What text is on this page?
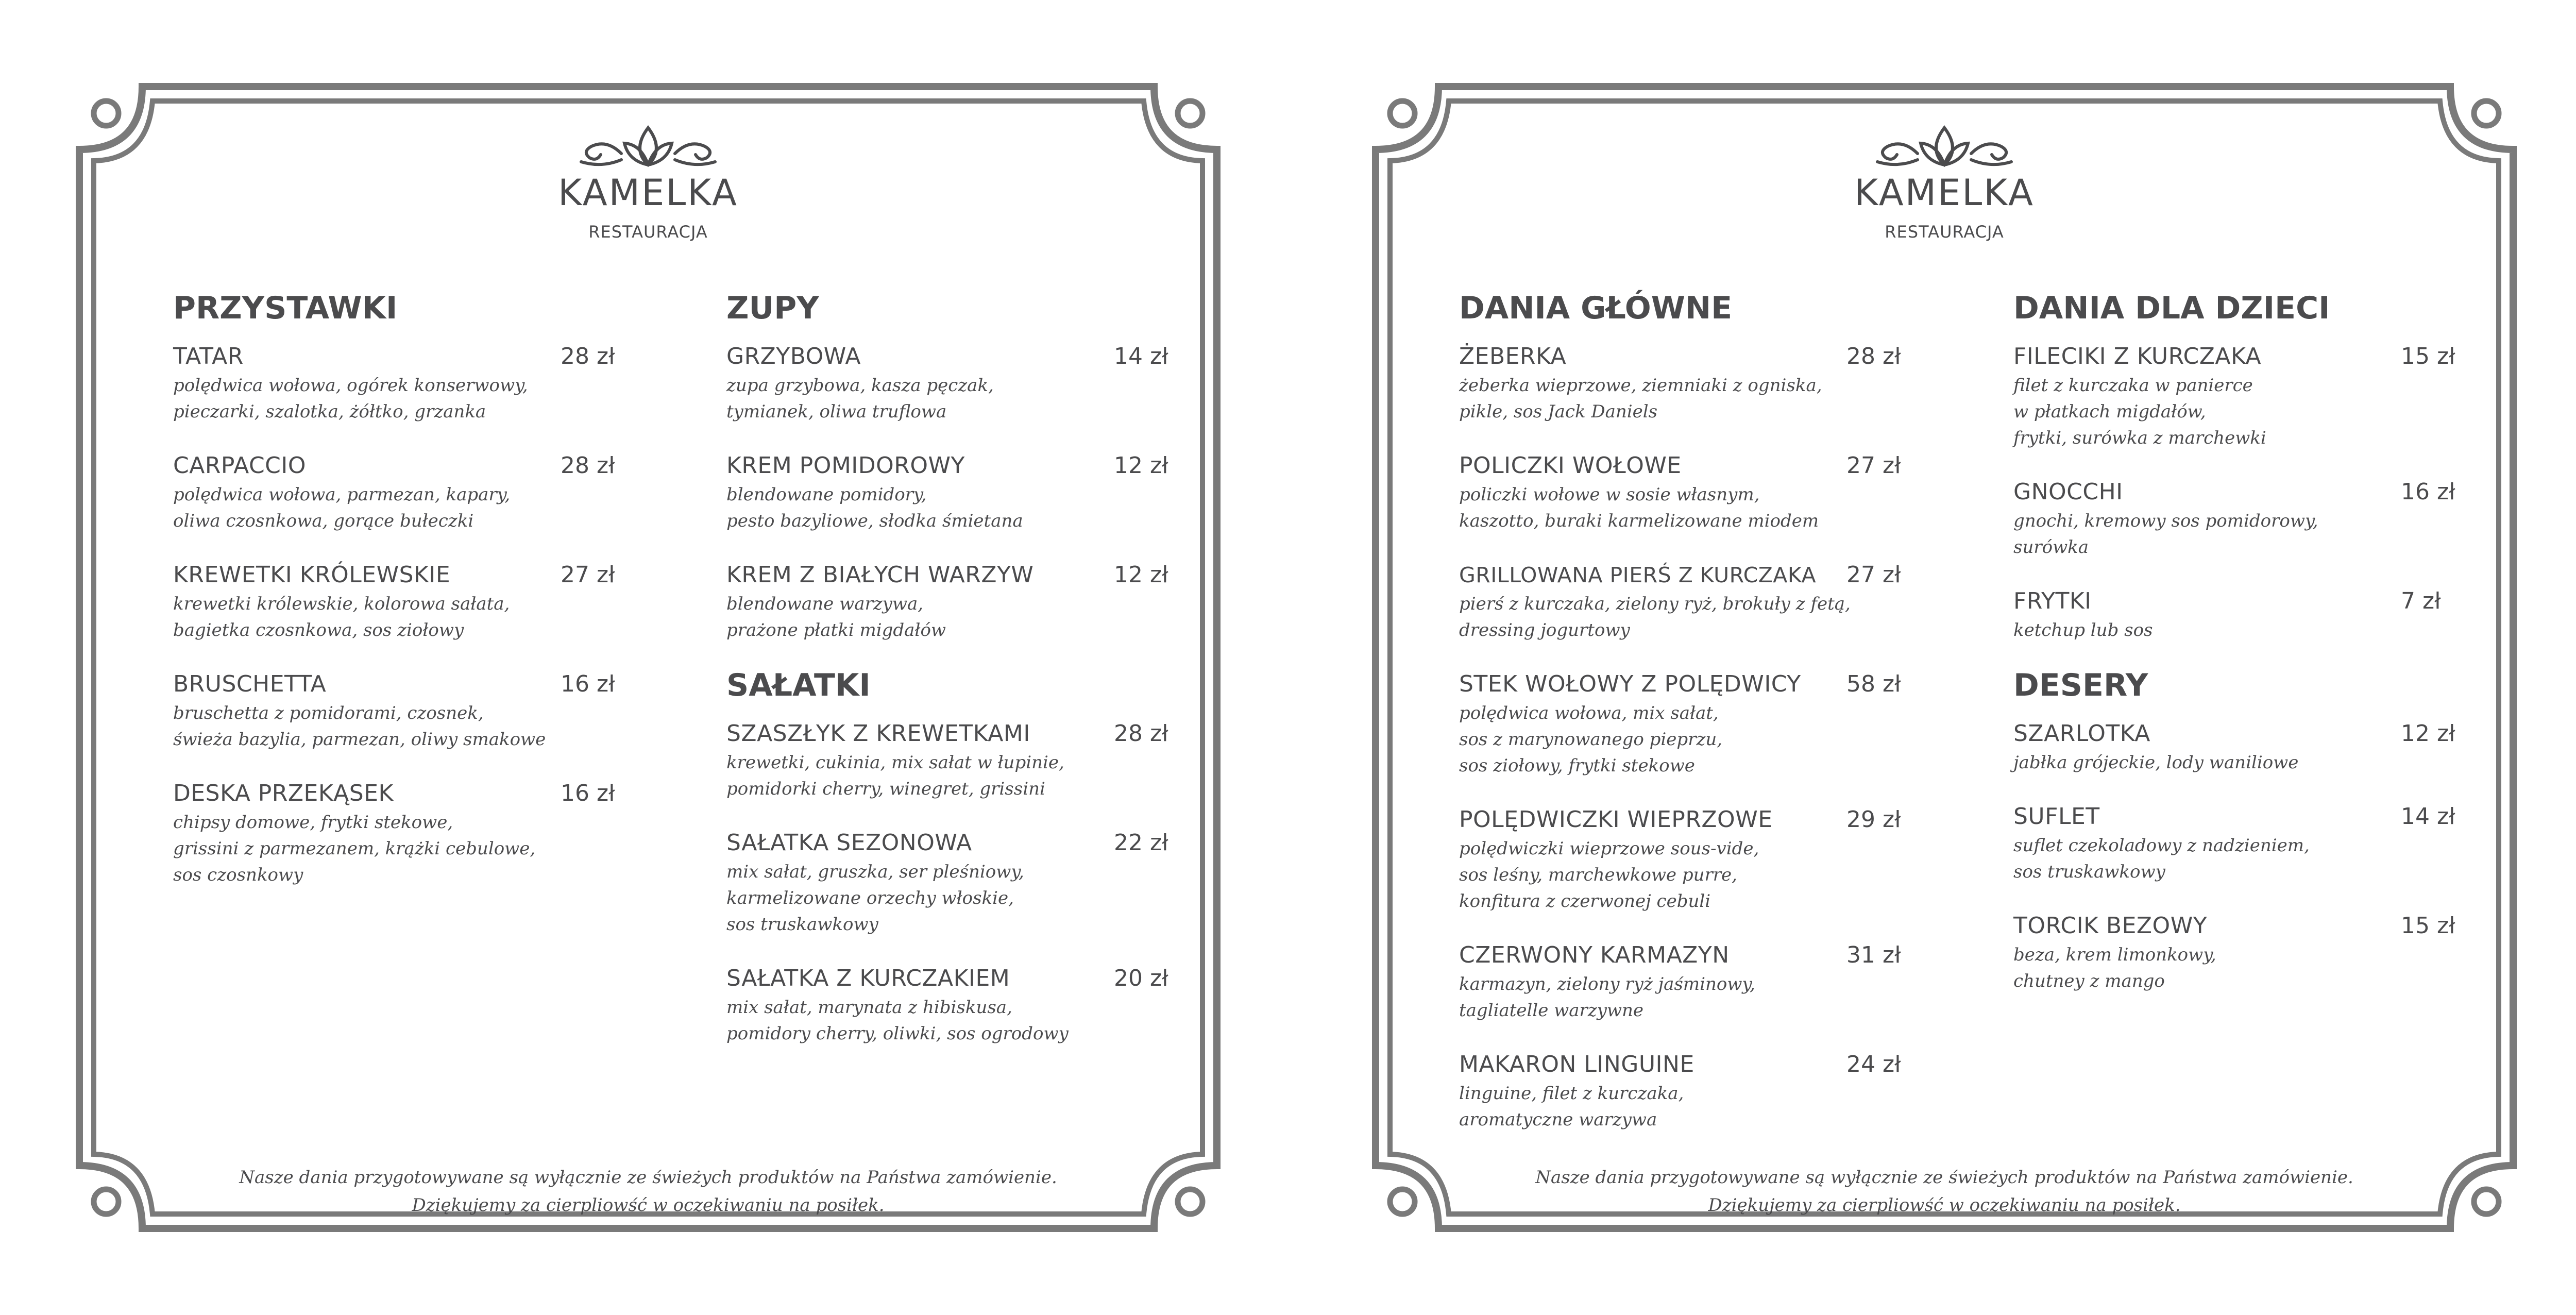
KAMELKA
RESTAURACJA
PRZYSTAWKI
TATAR	28 zł
polędwica wołowa, ogórek konserwowy,
pieczarki, szalotka, żółtko, grzanka
CARPACCIO	28 zł
polędwica wołowa, parmezan, kapary,
oliwa czosnkowa, gorące bułeczki
KREWETKI KRÓLEWSKIE	27 zł
krewetki królewskie, kolorowa sałata,
bagietka czosnkowa, sos ziołowy
BRUSCHETTA	16 zł
bruschetta z pomidorami, czosnek,
świeża bazylia, parmezan, oliwy smakowe
DESKA PRZEKĄSEK	16 zł
chipsy domowe, frytki stekowe,
grissini z parmezanem, krążki cebulowe,
sos czosnkowy
ZUPY
GRZYBOWA	14 zł
zupa grzybowa, kasza pęczak,
tymianek, oliwa truflowa
KREM POMIDOROWY	12 zł
blendowane pomidory,
pesto bazyliowe, słodka śmietana
KREM Z BIAŁYCH WARZYW	12 zł
blendowane warzywa,
prażone płatki migdałów
SAŁATKI
SZASZŁYK Z KREWETKAMI	28 zł
krewetki, cukinia, mix sałat w łupinie,
pomidorki cherry, winegret, grissini
SAŁATKA SEZONOWA	22 zł
mix sałat, gruszka, ser pleśniowy,
karmelizowane orzechy włoskie,
sos truskawkowy
SAŁATKA Z KURCZAKIEM	20 zł
mix sałat, marynata z hibiskusa,
pomidory cherry, oliwki, sos ogrodowy
Nasze dania przygotowywane są wyłącznie ze świeżych produktów na Państwa zamówienie.
Dziękujemy za cierpliowść w oczekiwaniu na posiłek.
KAMELKA
RESTAURACJA
DANIA GŁÓWNE
ŻEBERKA	28 zł
żeberka wieprzowe, ziemniaki z ogniska,
pikle, sos Jack Daniels
POLICZKI WOŁOWE	27 zł
policzki wołowe w sosie własnym,
kaszotto, buraki karmelizowane miodem
GRILLOWANA PIERŚ Z KURCZAKA 27 zł
pierś z kurczaka, zielony ryż, brokuły z fetą,
dressing jogurtowy
STEK WOŁOWY Z POLĘDWICY 58 zł
polędwica wołowa, mix sałat,
sos z marynowanego pieprzu,
sos ziołowy, frytki stekowe
POLĘDWICZKI WIEPRZOWE	29 zł
polędwiczki wieprzowe sous-vide,
sos leśny, marchewkowe purre,
konfitura z czerwonej cebuli
CZERWONY KARMAZYN	31 zł
karmazyn, zielony ryż jaśminowy,
tagliatelle warzywne
MAKARON LINGUINE	24 zł
linguine, filet z kurczaka,
aromatyczne warzywa
DANIA DLA DZIECI
FILECIKI Z KURCZAKA	15 zł
filet z kurczaka w panierce
w płatkach migdałów,
frytki, surówka z marchewki
GNOCCHI	16 zł
gnochi, kremowy sos pomidorowy,
surówka
FRYTKI	7 zł
ketchup lub sos
DESERY
SZARLOTKA	12 zł
jabłka grójeckie, lody waniliowe
SUFLET	14 zł
suflet czekoladowy z nadzieniem,
sos truskawkowy
TORCIK BEZOWY	15 zł
beza, krem limonkowy,
chutney z mango
Nasze dania przygotowywane są wyłącznie ze świeżych produktów na Państwa zamówienie.
Dziękujemy za cierpliowść w oczekiwaniu na posiłek.
